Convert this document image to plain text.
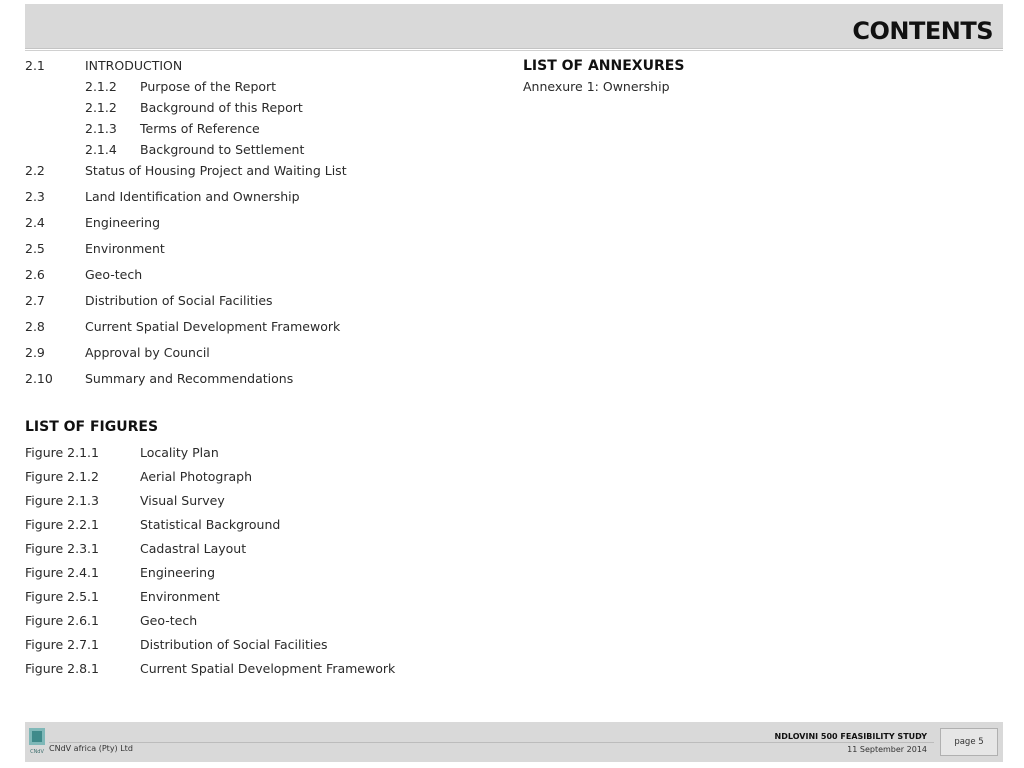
CONTENTS
2.1	INTRODUCTION
2.1.2 Purpose of the Report
2.1.2 Background of this Report
2.1.3 Terms of Reference
2.1.4 Background to Settlement
2.2	Status of Housing Project and Waiting List
2.3	Land Identification and Ownership
2.4	Engineering
2.5	Environment
2.6	Geo-tech
2.7	Distribution of Social Facilities
2.8	Current Spatial Development Framework
2.9	Approval by Council
2.10	Summary and Recommendations
LIST OF FIGURES
Figure 2.1.1	Locality Plan
Figure 2.1.2	Aerial Photograph
Figure 2.1.3	Visual Survey
Figure 2.2.1	Statistical Background
Figure 2.3.1	Cadastral Layout
Figure 2.4.1	Engineering
Figure 2.5.1	Environment
Figure 2.6.1	Geo-tech
Figure 2.7.1	Distribution of Social Facilities
Figure 2.8.1	Current Spatial Development Framework
LIST OF ANNEXURES
Annexure 1: Ownership
CNdV CNdV africa (Pty) Ltd
NDLOVINI 500 FEASIBILITY STUDY
11 September 2014
page 5
